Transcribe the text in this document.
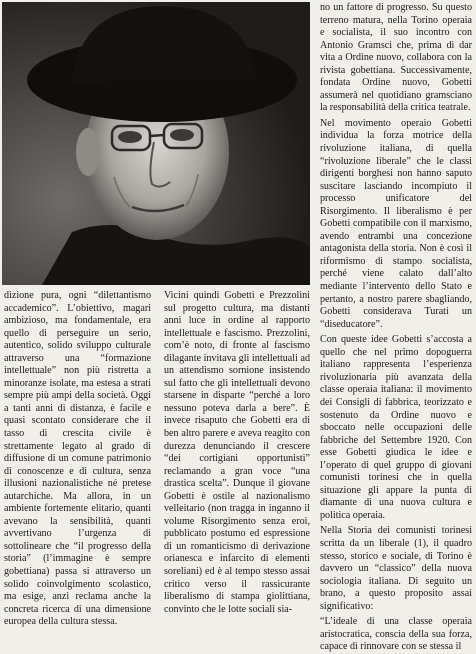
dizione pura, ogni “dilettantismo accademico”. L’obiettivo, magari ambizioso, ma fondamentale, era quello di perseguire un serio, autentico, solido sviluppo culturale attraverso una “formazione intellettuale” non più ristretta a minoranze isolate, ma estesa a strati sempre più ampi della società. Oggi a tanti anni di distanza, è facile e quasi scontato considerare che il tasso di crescita civile è strettamente legato al grado di diffusione di un comune patrimonio di conoscenze e di cultura, senza illusioni nazionalistiche né pretese autarchiche. Ma allora, in un ambiente fortemente elitario, quanti avevano la sensibilità, quanti avvertivano l’urgenza di sottolineare che “il progresso della storia” (l’immagine è sempre gobettiana) passa si attraverso un solido coinvolgimento scolastico, ma esige, anzi reclama anche la concreta ricerca di una dimensione europea della cultura stessa.

Vicini quindi Gobetti e Prezzolini sul progetto cultura, ma distanti anni luce in ordine al rapporto intellettuale e fascismo. Prezzolini, com’è noto, di fronte al fascismo dilagante invitava gli intellettuali ad un attendismo sornione insistendo sul fatto che gli intellettuali devono starsene in disparte “perché a loro nessuno poteva darla a bere”. È invece risaputo che Gobetti era di ben altro parere e aveva reagito con durezza denunciando il crescere “dei cortigiani opportunisti” reclamando a gran voce “una drastica scelta”. Dunque il giovane Gobetti è ostile al nazionalismo velleitario (non tragga in inganno il volume Risorgimento senza eroi, pubblicato postumo ed espressione di un romanticismo di derivazione orianesca e infarcito di elementi soreliani) ed è al tempo stesso assai critico verso il rassicurante liberalismo di stampa giolittiana, convinto che le lotte sociali sia-

no un fattore di progresso. Su questo terreno matura, nella Torino operaia e socialista, il suo incontro con Antonio Gramsci che, prima di dar vita a Ordine nuovo, collabora con la rivista gobettiana. Successivamente, fondata Ordine nuovo, Gobetti assumerà nel quotidiano gramsciano la responsabilità della critica teatrale.

Nel movimento operaio Gobetti individua la forza motrice della rivoluzione italiana, di quella “rivoluzione liberale” che le classi dirigenti borghesi non hanno saputo suscitare lasciando incompiuto il processo unificatore del Risorgimento. Il liberalismo è per Gobetti compatibile con il marxismo, avendo entrambi una concezione antagonista della storia. Non è così il riformismo di stampo socialista, perché viene calato dall’alto mediante l’intervento dello Stato e pertanto, a nostro parere sbagliando, Gobetti considerava Turati un “diseducatore”.

Con queste idee Gobetti s’accosta a quello che nel primo dopoguerra italiano rappresenta l’esperienza rivoluzionaria più avanzata della classe operaia italiana: il movimento dei Consigli di fabbrica, teorizzato e sostenuto da Ordine nuovo e sboccato nelle occupazioni delle fabbriche del Settembre 1920. Con esse Gobetti giudica le idee e l’operato di quel gruppo di giovani comunisti torinesi che in quella situazione gli appare la punta di diamante di una nuova cultura e politica operaia.

Nella Storia dei comunisti torinesi scritta da un liberale (1), il quadro stesso, storico e sociale, di Torino è davvero un “classico” della nuova sociologia italiana. Di seguito un brano, a questo proposito assai significativo:

“L’ideale di una classe operaia aristocratica, conscia della sua forza, capace di rinnovare con se stessa il
